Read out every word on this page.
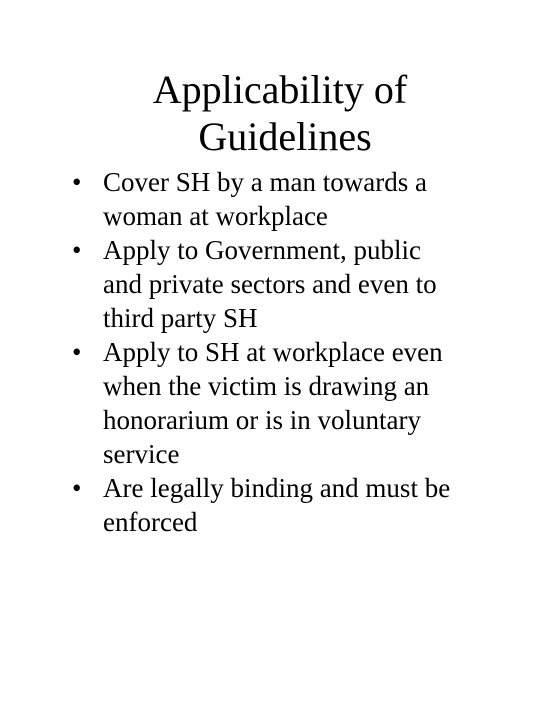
Applicability of
Guidelines
• Cover SH by a man towards a
woman at workplace
• Apply to Government, public
and private sectors and even to
third party SH
• Apply to SH at workplace even
when the victim is drawing an
honorarium or is in voluntary
service
• Are legally binding and must be
enforced
